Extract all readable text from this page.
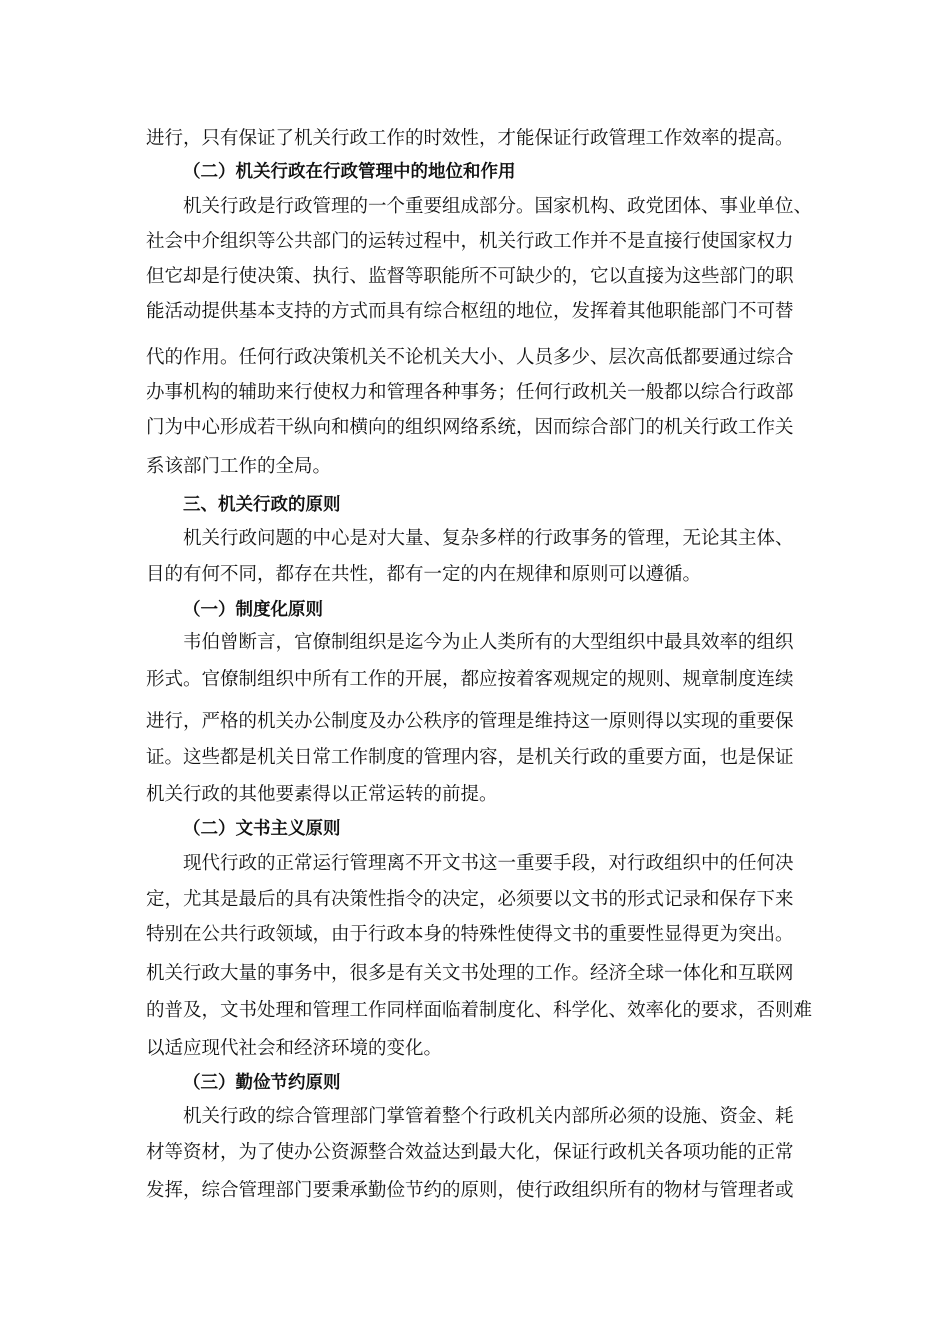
进行，只有保证了机关行政工作的时效性，才能保证行政管理工作效率的提高。
（二）机关行政在行政管理中的地位和作用
机关行政是行政管理的一个重要组成部分。国家机构、政党团体、事业单位、
社会中介组织等公共部门的运转过程中，机关行政工作并不是直接行使国家权力
但它却是行使决策、执行、监督等职能所不可缺少的，它以直接为这些部门的职
能活动提供基本支持的方式而具有综合枢纽的地位，发挥着其他职能部门不可替
代的作用。任何行政决策机关不论机关大小、人员多少、层次高低都要通过综合
办事机构的辅助来行使权力和管理各种事务；任何行政机关一般都以综合行政部
门为中心形成若干纵向和横向的组织网络系统，因而综合部门的机关行政工作关
系该部门工作的全局。
三、机关行政的原则
机关行政问题的中心是对大量、复杂多样的行政事务的管理，无论其主体、
目的有何不同，都存在共性，都有一定的内在规律和原则可以遵循。
（一）制度化原则
韦伯曾断言，官僚制组织是迄今为止人类所有的大型组织中最具效率的组织
形式。官僚制组织中所有工作的开展，都应按着客观规定的规则、规章制度连续
进行，严格的机关办公制度及办公秩序的管理是维持这一原则得以实现的重要保
证。这些都是机关日常工作制度的管理内容，是机关行政的重要方面，也是保证
机关行政的其他要素得以正常运转的前提。
（二）文书主义原则
现代行政的正常运行管理离不开文书这一重要手段，对行政组织中的任何决
定，尤其是最后的具有决策性指令的决定，必须要以文书的形式记录和保存下来
特别在公共行政领域，由于行政本身的特殊性使得文书的重要性显得更为突出。
机关行政大量的事务中，很多是有关文书处理的工作。经济全球一体化和互联网
的普及，文书处理和管理工作同样面临着制度化、科学化、效率化的要求，否则难
以适应现代社会和经济环境的变化。
（三）勤俭节约原则
机关行政的综合管理部门掌管着整个行政机关内部所必须的设施、资金、耗
材等资材，为了使办公资源整合效益达到最大化，保证行政机关各项功能的正常
发挥，综合管理部门要秉承勤俭节约的原则，使行政组织所有的物材与管理者或
